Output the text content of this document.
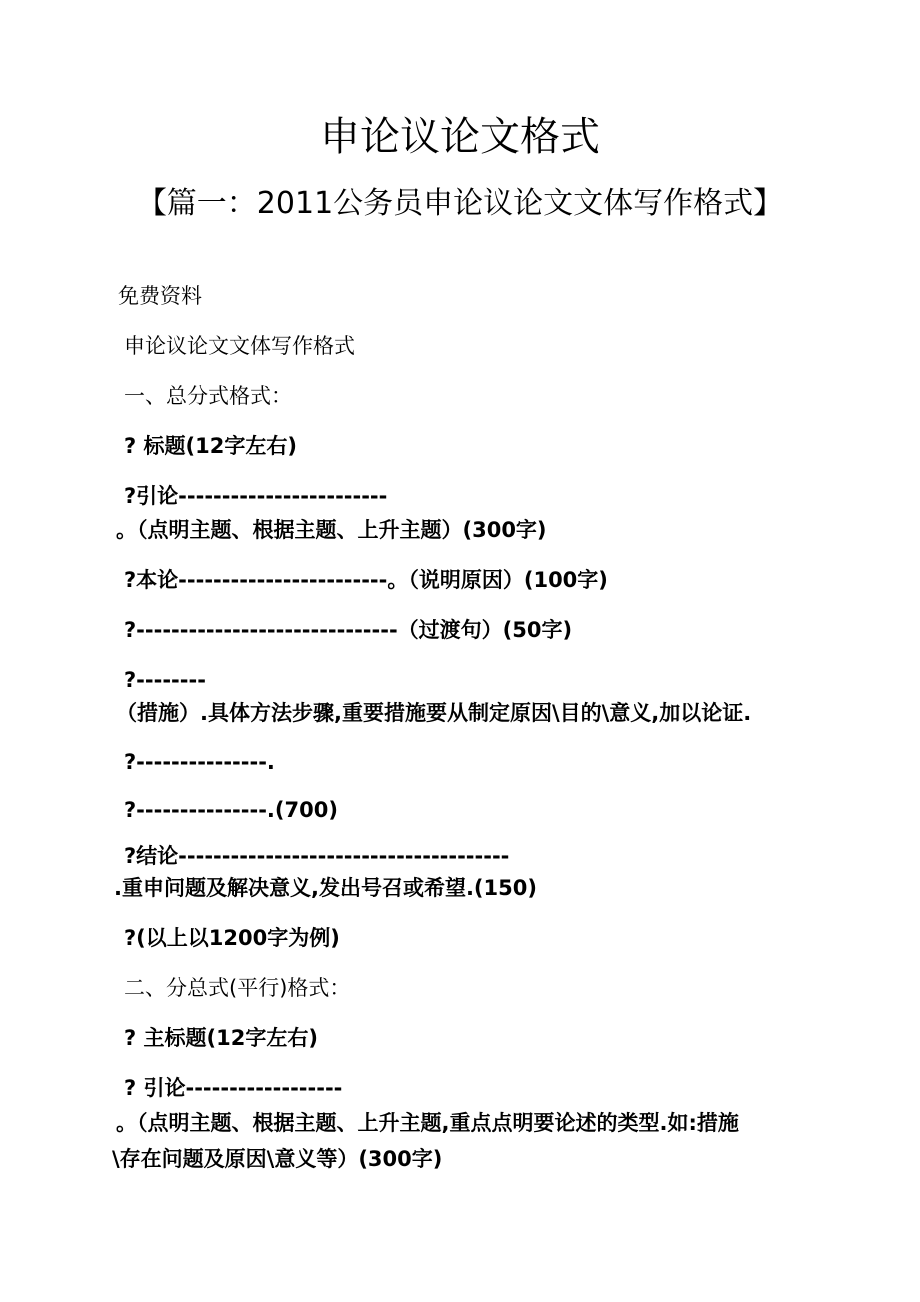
申论议论文格式
【篇一：2011公务员申论议论文文体写作格式】

免费资料

申论议论文文体写作格式

一、总分式格式：

? 标题(12字左右)

?引论------------------------

。（点明主题、根据主题、上升主题）(300字)

?本论------------------------。（说明原因）(100字)

?------------------------------（过渡句）(50字)

?--------

（措施）.具体方法步骤,重要措施要从制定原因\目的\意义,加以论证.

?---------------.

?---------------.(700)

?结论--------------------------------------

.重申问题及解决意义,发出号召或希望.(150)

?(以上以1200字为例)

二、分总式(平行)格式：

? 主标题(12字左右)

? 引论------------------

。（点明主题、根据主题、上升主题,重点点明要论述的类型.如:措施

\存在问题及原因\意义等）(300字)
